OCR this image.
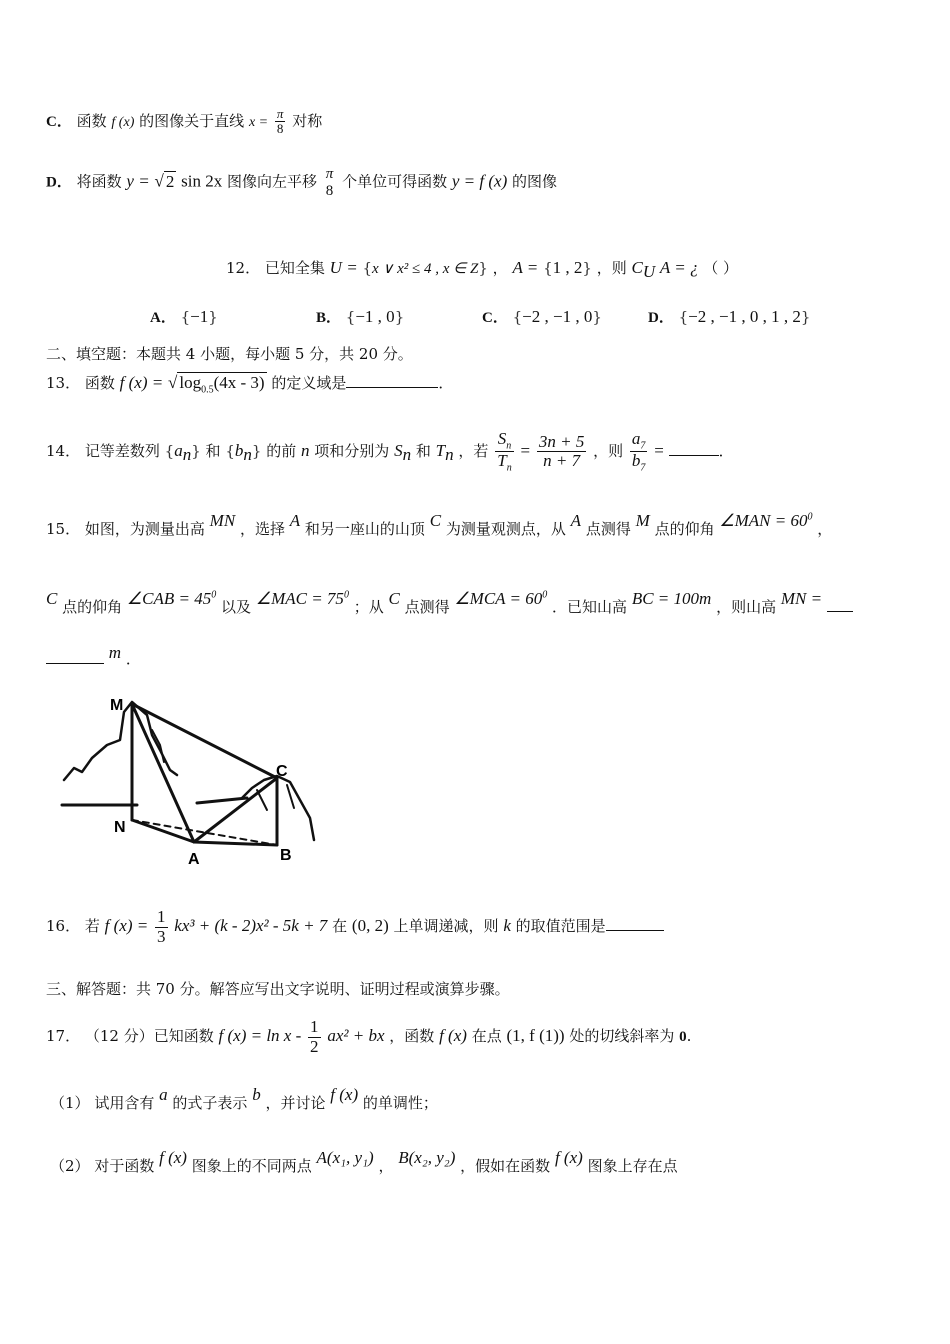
C． 函数 f (x) 的图像关于直线 $x = \frac{\pi}{8}$ 对称
D． 将函数 y = √ 2 sin 2x 图像向左平移 π
8 个单位可得函数 y = f (x) 的图像
12． 已知全集 U = {x ∨ x² ≤ 4 , x ∈ Z} ， A = {1 , 2} ，则 $C_U$ A = ¿ （ ）
A． {−1}	B． {−1 , 0}	C． {−2 , −1 , 0}	D． {−2 , −1 , 0 , 1 , 2}
二、填空题：本题共 4 小题，每小题 5 分，共 20 分。
13． 函数 f (x) = √ $\log_{0.5}(4x - 3)$ 的定义域是	．
14． 记等差数列 $\{a_n\}$ 和 $\{b_n\}$ 的前 n 项和分别为 $S_n$ 和 $T_n$ ，若 $\frac{S_n}{T_n} = \frac{3n + 5}{n + 7}$ ，则 $\frac{a_7}{b_7}$ =	．
15． 如图，为测量出高 MN ，选择 A 和另一座山的山顶 C 为测量观测点，从 A 点测得 M 点的仰角 ∠MAN = $60^0$ ，
C 点的仰角 ∠CAB = $45^0$ 以及 ∠MAC = $75^0$ ；从 C 点测得 ∠MCA = $60^0$ ．已知山高 BC = 100m ，则山高 MN =
m ．
M
N
A	B
C
16． 若 f $(x) = \frac{1}{3} kx^3 + (k - 2)x^2 - 5k + 7$ 在 (0, 2) 上单调递减，则 k 的取值范围是
三、解答题：共 70 分。解答应写出文字说明、证明过程或演算步骤。
17． （12 分）已知函数 f $(x) = \ln x - \frac{1}{2} ax^2$ + bx ，函数 f (x) 在点 (1, f (1)) 处的切线斜率为 0.
（1） 试用含有 a 的式子表示 b ，并讨论 f (x) 的单调性；
（2） 对于函数 f (x) 图象上的不同两点 A(x₁, y₁) ， B(x₂, y₂) ，假如在函数 f (x) 图象上存在点
